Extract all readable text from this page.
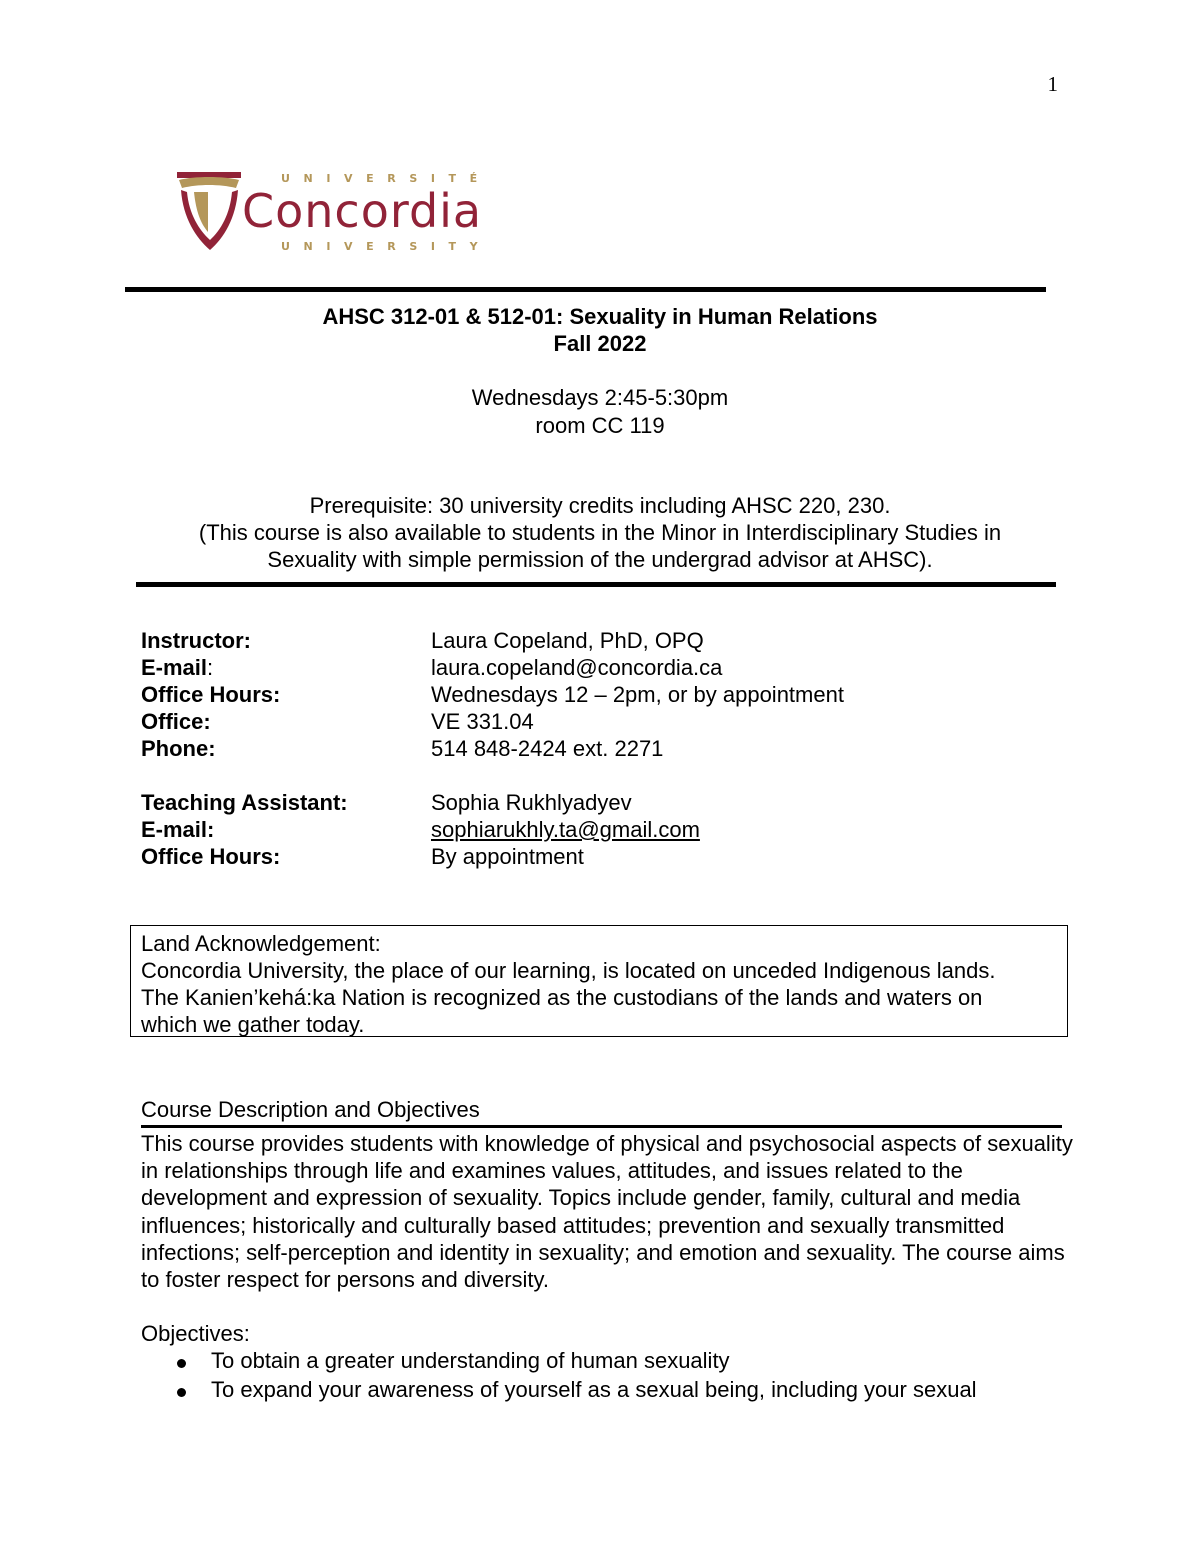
1
UNIVERSITÉ
Concordia
UNIVERSITY
AHSC 312-01 & 512-01: Sexuality in Human Relations
Fall 2022
Wednesdays 2:45-5:30pm
room CC 119
Prerequisite: 30 university credits including AHSC 220, 230.
(This course is also available to students in the Minor in Interdisciplinary Studies in
Sexuality with simple permission of the undergrad advisor at AHSC).
Instructor:	Laura Copeland, PhD, OPQ
E-mail:	laura.copeland@concordia.ca
Office Hours:	Wednesdays 12 – 2pm, or by appointment
Office:	VE 331.04
Phone:	514 848-2424 ext. 2271
Teaching Assistant:	Sophia Rukhlyadyev
E-mail:	sophiarukhly.ta@gmail.com
Office Hours:	By appointment
Land Acknowledgement:
Concordia University, the place of our learning, is located on unceded Indigenous lands.
The Kanien’kehá:ka Nation is recognized as the custodians of the lands and waters on
which we gather today.
Course Description and Objectives
This course provides students with knowledge of physical and psychosocial aspects of sexuality in relationships through life and examines values, attitudes, and issues related to the development and expression of sexuality. Topics include gender, family, cultural and media influences; historically and culturally based attitudes; prevention and sexually transmitted infections; self-perception and identity in sexuality; and emotion and sexuality. The course aims to foster respect for persons and diversity.
Objectives:
To obtain a greater understanding of human sexuality
To expand your awareness of yourself as a sexual being, including your sexual
